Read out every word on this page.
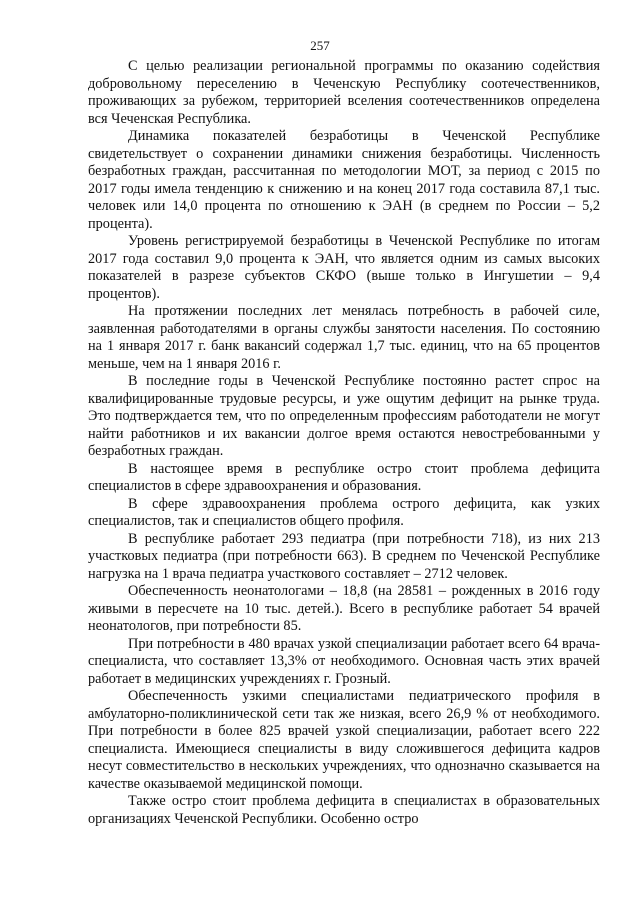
257

С целью реализации региональной программы по оказанию содействия добровольному переселению в Чеченскую Республику соотечественников, проживающих за рубежом, территорией вселения соотечественников определена вся Чеченская Республика.

Динамика показателей безработицы в Чеченской Республике свидетельствует о сохранении динамики снижения безработицы. Численность безработных граждан, рассчитанная по методологии МОТ, за период с 2015 по 2017 годы имела тенденцию к снижению и на конец 2017 года составила 87,1 тыс. человек или 14,0 процента по отношению к ЭАН (в среднем по России – 5,2 процента).

Уровень регистрируемой безработицы в Чеченской Республике по итогам 2017 года составил 9,0 процента к ЭАН, что является одним из самых высоких показателей в разрезе субъектов СКФО (выше только в Ингушетии – 9,4 процентов).

На протяжении последних лет менялась потребность в рабочей силе, заявленная работодателями в органы службы занятости населения. По состоянию на 1 января 2017 г. банк вакансий содержал 1,7 тыс. единиц, что на 65 процентов меньше, чем на 1 января 2016 г.

В последние годы в Чеченской Республике постоянно растет спрос на квалифицированные трудовые ресурсы, и уже ощутим дефицит на рынке труда. Это подтверждается тем, что по определенным профессиям работодатели не могут найти работников и их вакансии долгое время остаются невостребованными у безработных граждан.

В настоящее время в республике остро стоит проблема дефицита специалистов в сфере здравоохранения и образования.

В сфере здравоохранения проблема острого дефицита, как узких специалистов, так и специалистов общего профиля.

В республике работает 293 педиатра (при потребности 718), из них 213 участковых педиатра (при потребности 663). В среднем по Чеченской Республике нагрузка на 1 врача педиатра участкового составляет – 2712 человек.

Обеспеченность неонатологами – 18,8 (на 28581 – рожденных в 2016 году живыми в пересчете на 10 тыс. детей.). Всего в республике работает 54 врачей неонатологов, при потребности 85.

При потребности в 480 врачах узкой специализации работает всего 64 врача-специалиста, что составляет 13,3% от необходимого. Основная часть этих врачей работает в медицинских учреждениях г. Грозный.

Обеспеченность узкими специалистами педиатрического профиля в амбулаторно-поликлинической сети так же низкая, всего 26,9 % от необходимого. При потребности в более 825 врачей узкой специализации, работает всего 222 специалиста. Имеющиеся специалисты в виду сложившегося дефицита кадров несут совместительство в нескольких учреждениях, что однозначно сказывается на качестве оказываемой медицинской помощи.

Также остро стоит проблема дефицита в специалистах в образовательных организациях Чеченской Республики. Особенно остро
